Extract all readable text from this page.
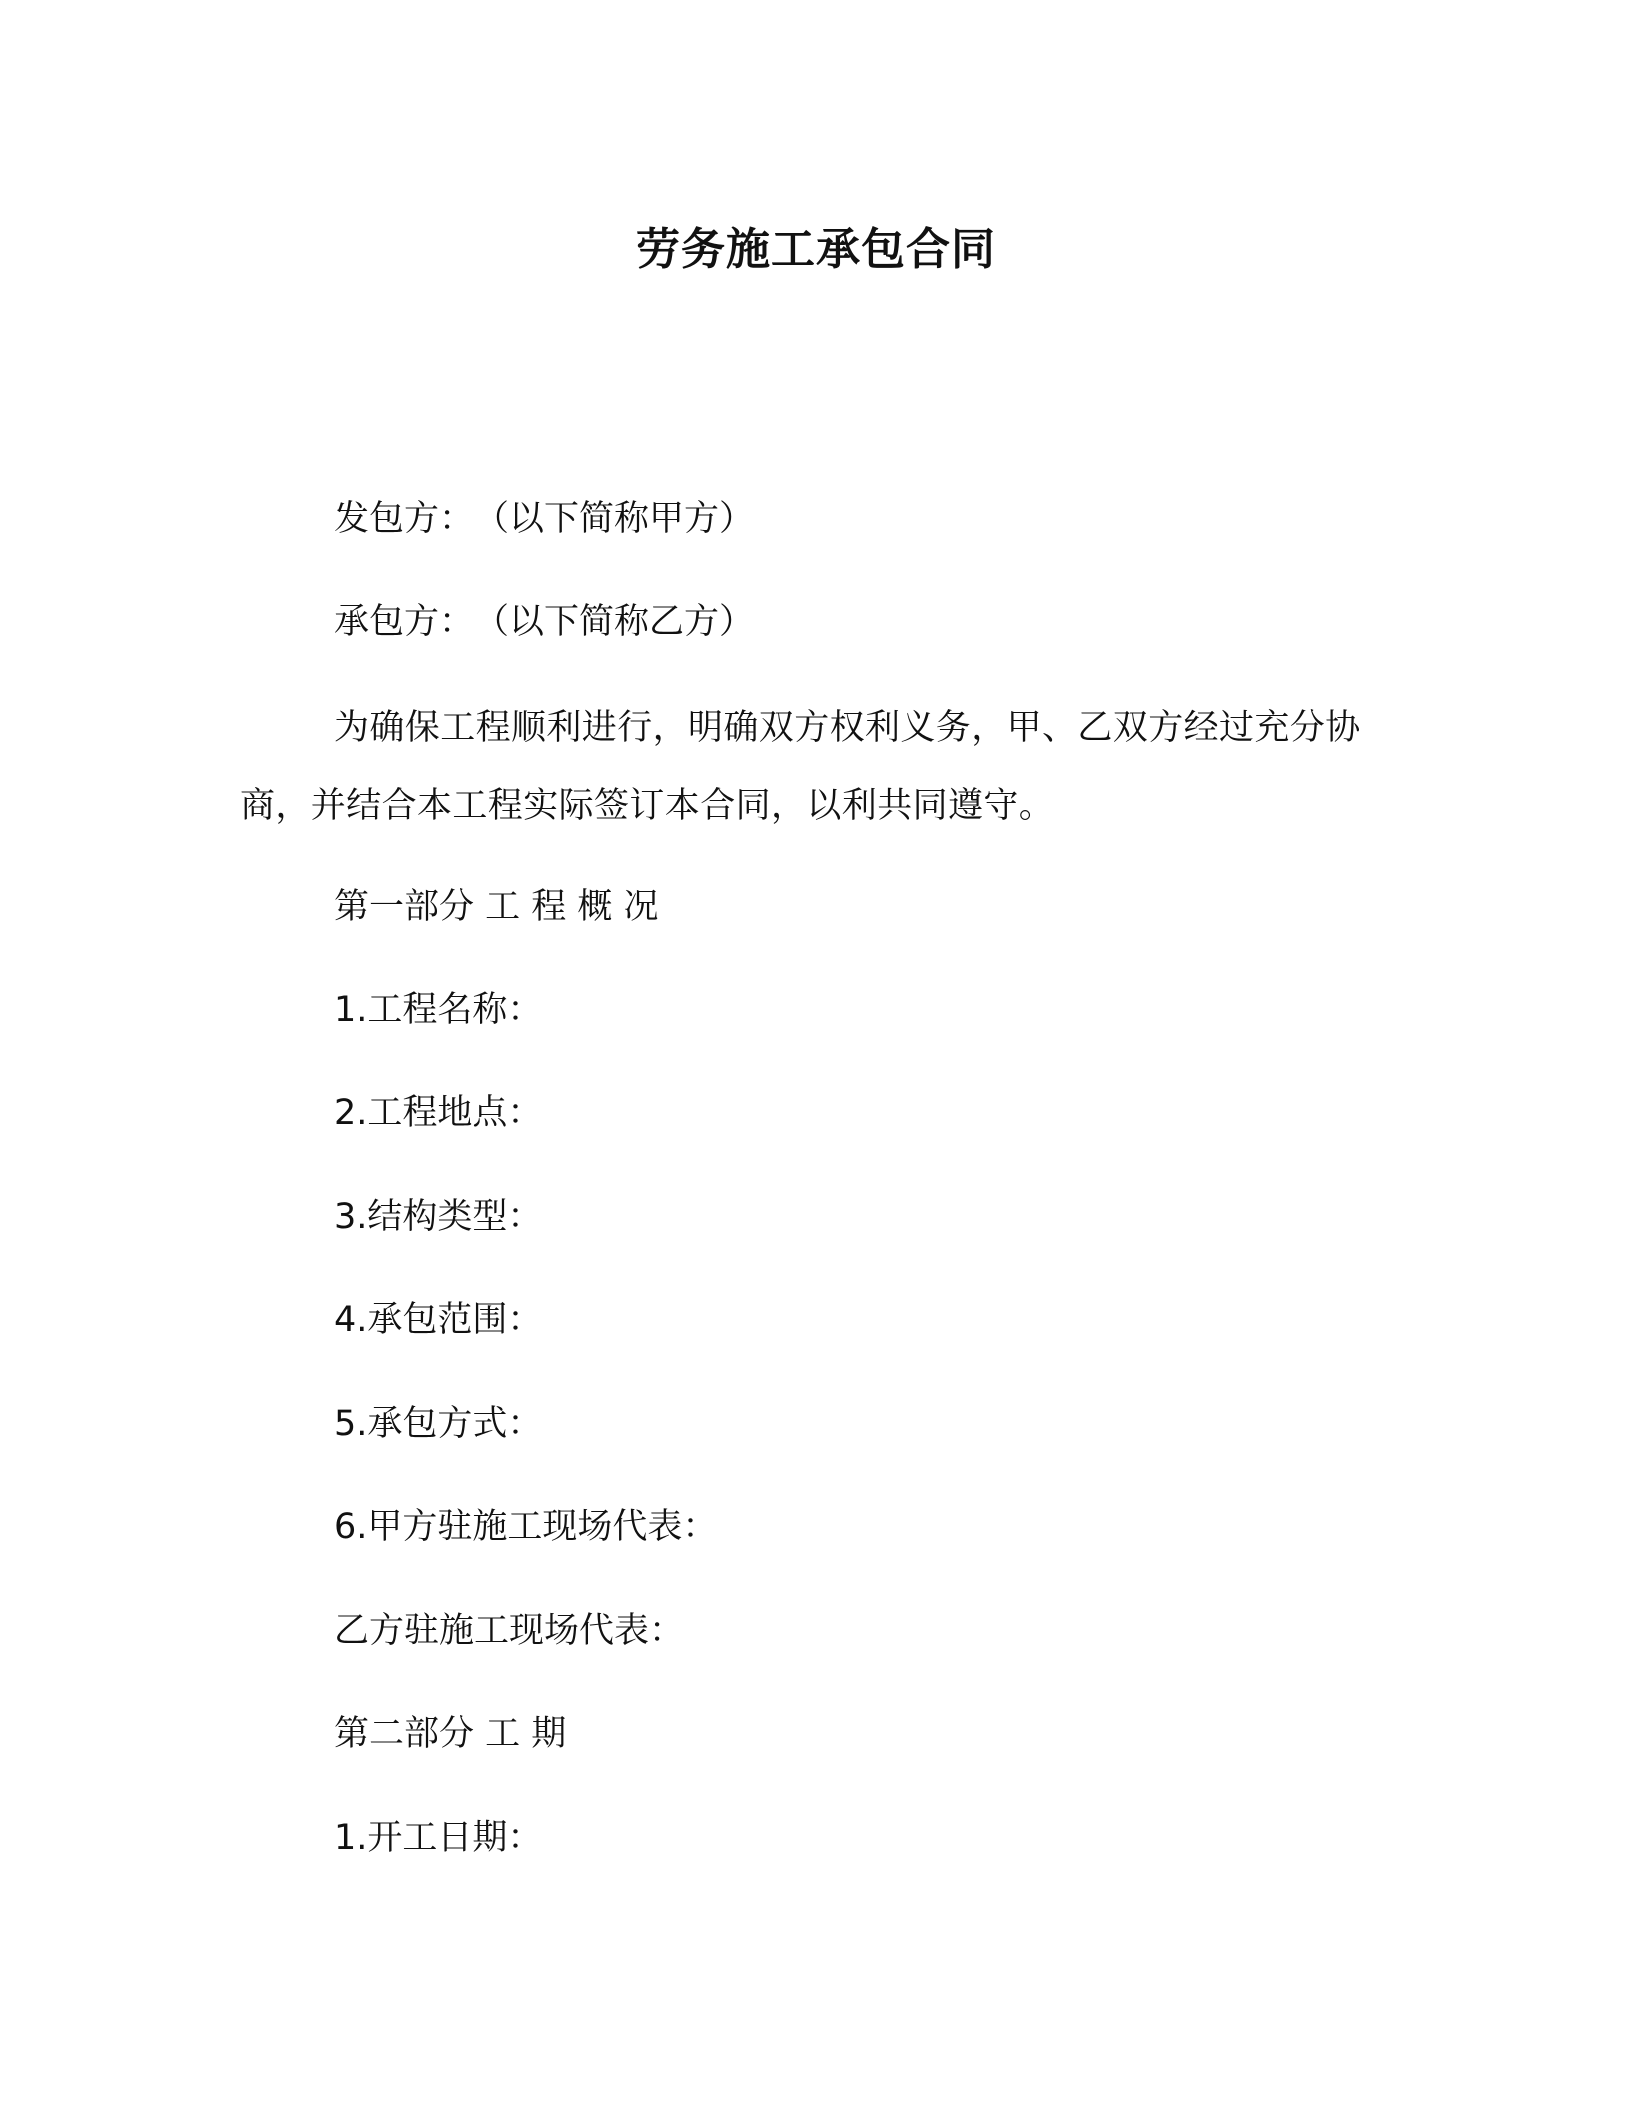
劳务施工承包合同
发包方：　（以下简称甲方）
承包方：　（以下简称乙方）
为确保工程顺利进行，明确双方权利义务，甲、乙双方经过充分协商，并结合本工程实际签订本合同，以利共同遵守。
第一部分 工 程 概 况
1.工程名称：
2.工程地点：
3.结构类型：
4.承包范围：
5.承包方式：
6.甲方驻施工现场代表：
乙方驻施工现场代表：
第二部分 工 期
1.开工日期：
